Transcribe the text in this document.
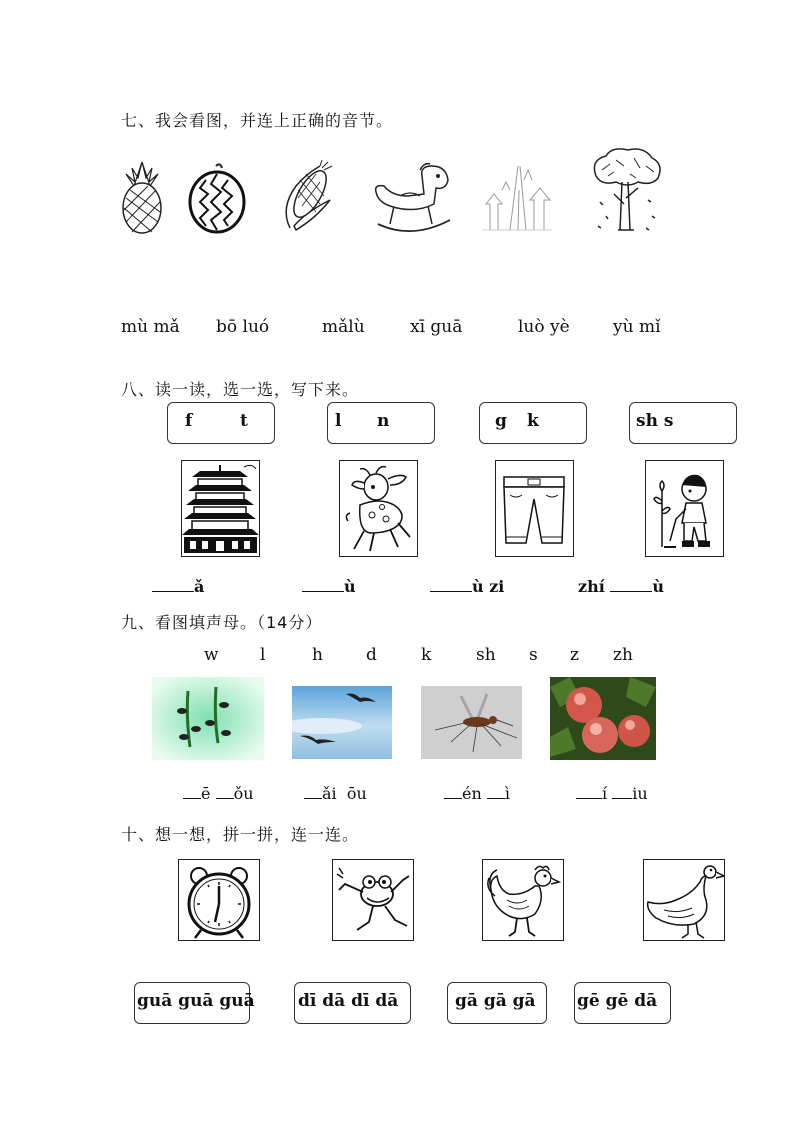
七、我会看图，并连上正确的音节。
mù mǎ bō luó	mǎlù	xī guā	luò yè	yù mǐ
八、读一读，选一选，写下来。
f	t	l n	g k	sh s
ǎ	ù	ù zi	zhí	ù
九、看图填声母。（14分）
w l	h	d	k	sh s z zh
ē ǒu	ǎi ōu	én ì	í iu
十、想一想，拼一拼，连一连。
guā guā guā	dī dā dī dā	gā gā gā gē gē dā
